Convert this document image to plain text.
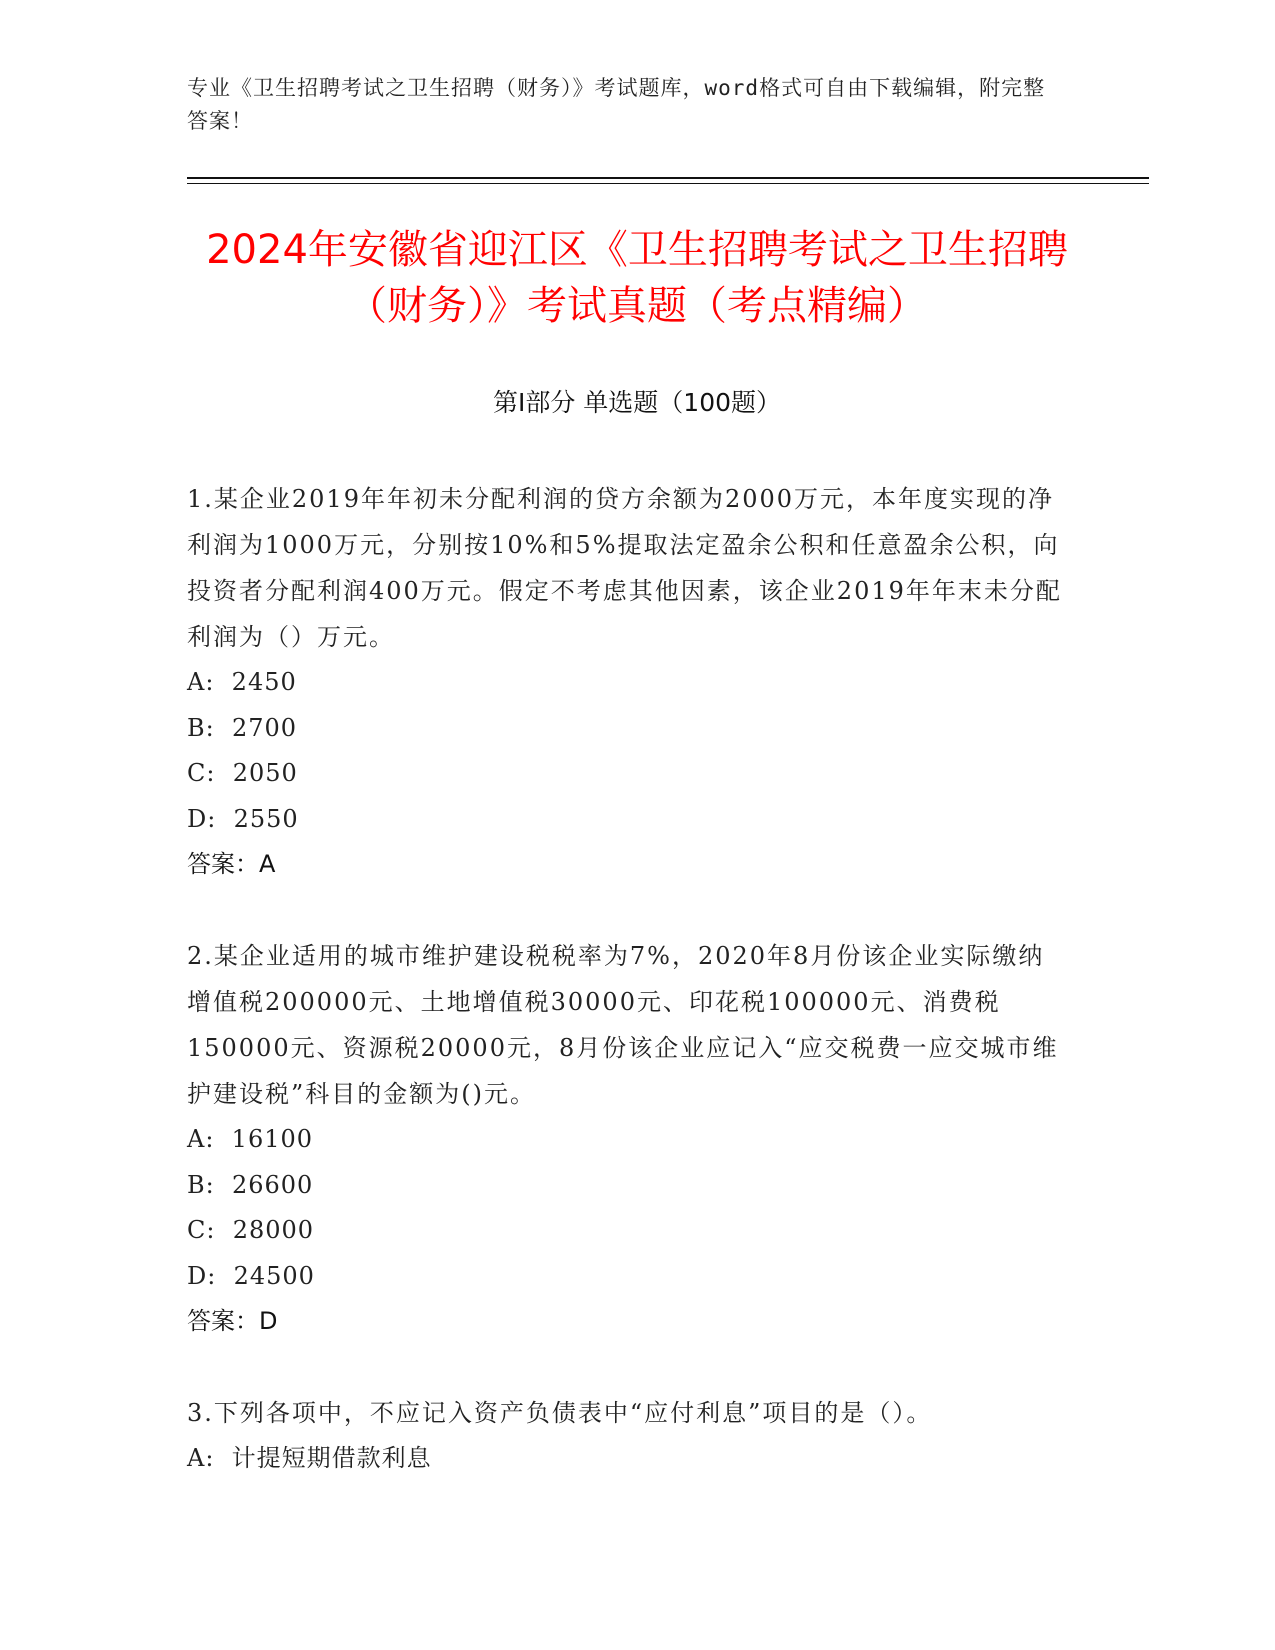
专业《卫生招聘考试之卫生招聘（财务）》考试题库，word格式可自由下载编辑，附完整答案！
2024年安徽省迎江区《卫生招聘考试之卫生招聘（财务）》考试真题（考点精编）
第Ⅰ部分 单选题（100题）

1.某企业2019年年初未分配利润的贷方余额为2000万元，本年度实现的净利润为1000万元，分别按10%和5%提取法定盈余公积和任意盈余公积，向投资者分配利润400万元。假定不考虑其他因素，该企业2019年年末未分配利润为（）万元。

A:  2450

B:  2700

C:  2050

D:  2550

答案：A

2.某企业适用的城市维护建设税税率为7%，2020年8月份该企业实际缴纳增值税200000元、土地增值税30000元、印花税100000元、消费税150000元、资源税20000元，8月份该企业应记入“应交税费一应交城市维护建设税”科目的金额为()元。

A:  16100

B:  26600

C:  28000

D:  24500

答案：D

3.下列各项中，不应记入资产负债表中“应付利息”项目的是（）。

A:  计提短期借款利息
